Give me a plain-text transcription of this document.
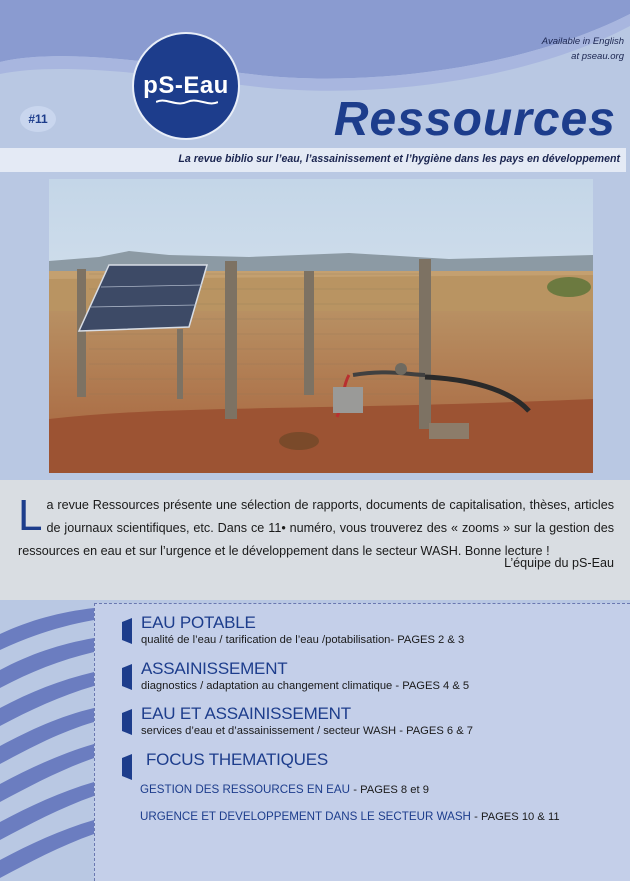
pS-Eau
#11
Available in English
at pseau.org
Ressources
La revue biblio sur l’eau, l’assainissement et l’hygiène dans les pays en développement

La revue Ressources présente une sélection de rapports, documents de capitalisation, thèses, articles de journaux scientifiques, etc. Dans ce 11• numéro, vous trouverez des « zooms » sur la gestion des ressources en eau et sur l’urgence et le développement dans le secteur WASH. Bonne lecture !

L’équipe du pS-Eau
EAU POTABLE
qualité de l’eau / tarification de l’eau /potabilisation- PAGES 2 & 3
ASSAINISSEMENT
diagnostics / adaptation au changement climatique - PAGES 4 & 5
EAU ET ASSAINISSEMENT
services d’eau et d’assainissement / secteur WASH - PAGES 6 & 7
FOCUS THEMATIQUES
GESTION DES RESSOURCES EN EAU - PAGES 8 et 9
URGENCE ET DEVELOPPEMENT DANS LE SECTEUR WASH - PAGES 10 & 11
